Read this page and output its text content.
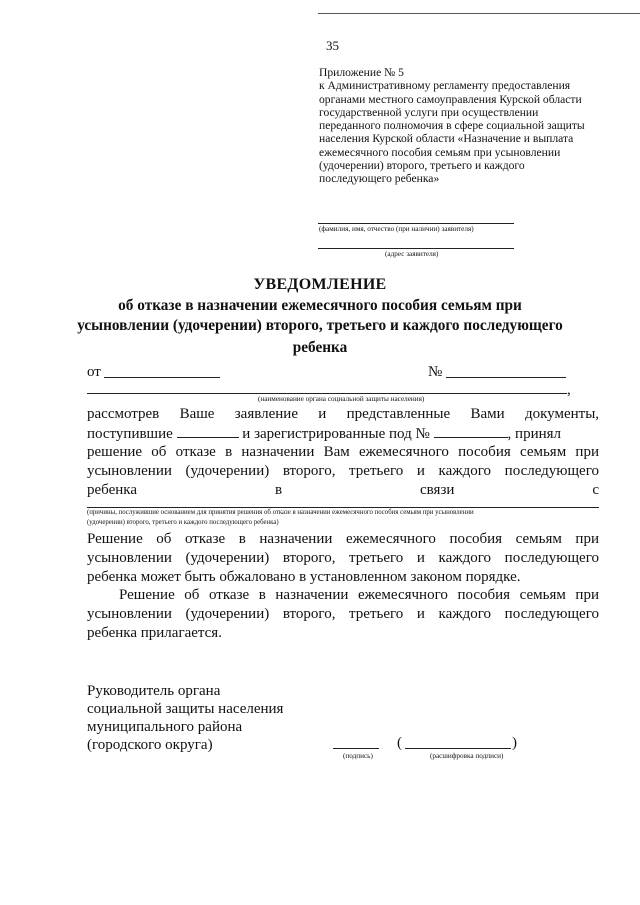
35
Приложение № 5
к Административному регламенту предоставления
органами местного самоуправления Курской области
государственной услуги при осуществлении
переданного полномочия в сфере социальной защиты
населения Курской области «Назначение и выплата
ежемесячного пособия семьям при усыновлении
(удочерении) второго, третьего и каждого
последующего ребенка»
(фамилия, имя, отчество (при наличии) заявителя)
(адрес заявителя)
УВЕДОМЛЕНИЕ
об отказе в назначении ежемесячного пособия семьям при
усыновлении (удочерении) второго, третьего и каждого последующего
ребенка
от	№
,
(наименование органа социальной защиты населения)
рассмотрев Ваше заявление и представленные Вами документы,
поступившие	и зарегистрированные под №	, принял
решение об отказе в назначении Вам ежемесячного пособия семьям при
усыновлении (удочерении) второго, третьего и каждого последующего
ребенка	в	связи	с
(причины, послужившие основанием для принятия решения об отказе в назначении ежемесячного пособия семьям при усыновлении
(удочерении) второго, третьего и каждого последующего ребенка)
Решение об отказе в назначении ежемесячного пособия семьям при
усыновлении (удочерении) второго, третьего и каждого последующего
ребенка может быть обжаловано в установленном законом порядке.
Решение об отказе в назначении ежемесячного пособия семьям при
усыновлении (удочерении) второго, третьего и каждого последующего
ребенка прилагается.
Руководитель органа
социальной защиты населения
муниципального района
(городского округа)
(подпись)
(	)
(расшифровка подписи)
